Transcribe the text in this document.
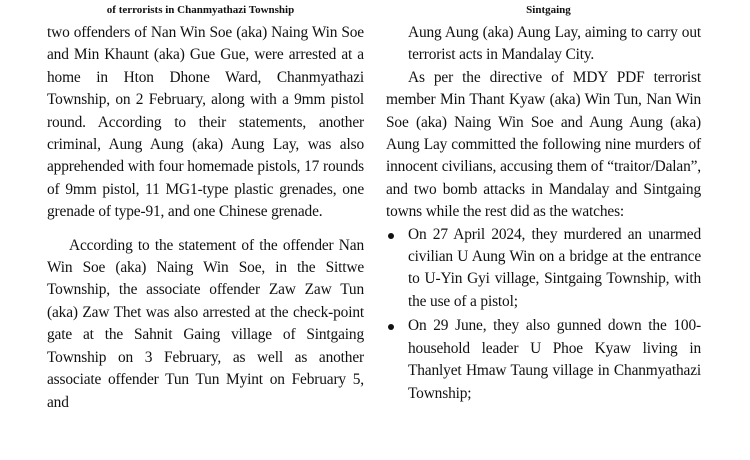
of terrorists in Chanmyathazi Township

two offenders of Nan Win Soe (aka) Naing Win Soe and Min Khaunt (aka) Gue Gue, were arrested at a home in Hton Dhone Ward, Chanmyathazi Township, on 2 February, along with a 9mm pistol round. According to their statements, another criminal, Aung Aung (aka) Aung Lay, was also apprehended with four homemade pistols, 17 rounds of 9mm pistol, 11 MG1-type plastic grenades, one grenade of type-91, and one Chinese grenade.

According to the statement of the offender Nan Win Soe (aka) Naing Win Soe, in the Sittwe Township, the associate offender Zaw Zaw Tun (aka) Zaw Thet was also arrested at the check-point gate at the Sahnit Gaing village of Sintgaing Township on 3 February, as well as another associate offender Tun Tun Myint on February 5, and

Sintgaing

Aung Aung (aka) Aung Lay, aiming to carry out terrorist acts in Mandalay City.

As per the directive of MDY PDF terrorist member Min Thant Kyaw (aka) Win Tun, Nan Win Soe (aka) Naing Win Soe and Aung Aung (aka) Aung Lay committed the following nine murders of innocent civilians, accusing them of “traitor/Dalan”, and two bomb attacks in Mandalay and Sintgaing towns while the rest did as the watches:

On 27 April 2024, they murdered an unarmed civilian U Aung Win on a bridge at the entrance to U-Yin Gyi village, Sintgaing Township, with the use of a pistol;

On 29 June, they also gunned down the 100-household leader U Phoe Kyaw living in Thanlyet Hmaw Taung village in Chanmyathazi Township;
